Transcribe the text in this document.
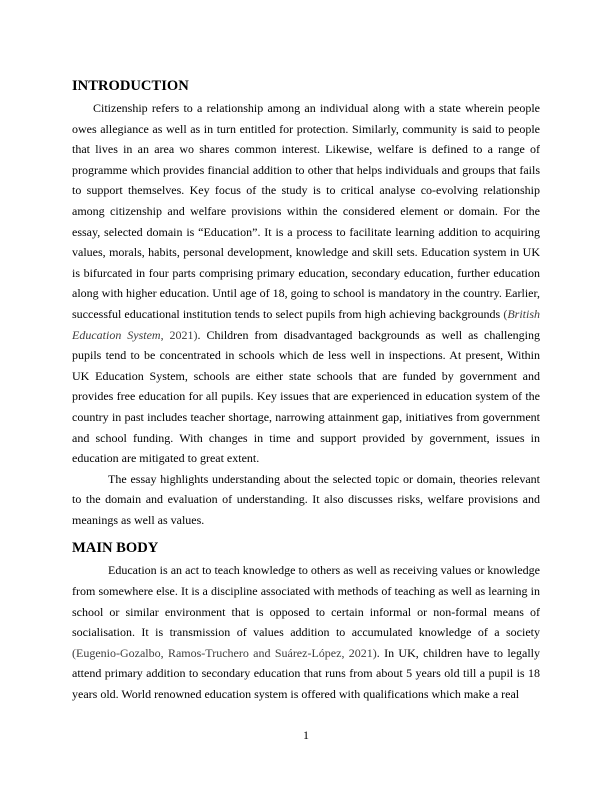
INTRODUCTION

Citizenship refers to a relationship among an individual along with a state wherein people owes allegiance as well as in turn entitled for protection. Similarly, community is said to people that lives in an area wo shares common interest. Likewise, welfare is defined to a range of programme which provides financial addition to other that helps individuals and groups that fails to support themselves. Key focus of the study is to critical analyse co-evolving relationship among citizenship and welfare provisions within the considered element or domain. For the essay, selected domain is “Education”. It is a process to facilitate learning addition to acquiring values, morals, habits, personal development, knowledge and skill sets. Education system in UK is bifurcated in four parts comprising primary education, secondary education, further education along with higher education. Until age of 18, going to school is mandatory in the country. Earlier, successful educational institution tends to select pupils from high achieving backgrounds (British Education System, 2021). Children from disadvantaged backgrounds as well as challenging pupils tend to be concentrated in schools which de less well in inspections. At present, Within UK Education System, schools are either state schools that are funded by government and provides free education for all pupils. Key issues that are experienced in education system of the country in past includes teacher shortage, narrowing attainment gap, initiatives from government and school funding. With changes in time and support provided by government, issues in education are mitigated to great extent.

The essay highlights understanding about the selected topic or domain, theories relevant to the domain and evaluation of understanding. It also discusses risks, welfare provisions and meanings as well as values.

MAIN BODY

Education is an act to teach knowledge to others as well as receiving values or knowledge from somewhere else. It is a discipline associated with methods of teaching as well as learning in school or similar environment that is opposed to certain informal or non-formal means of socialisation. It is transmission of values addition to accumulated knowledge of a society (Eugenio-Gozalbo, Ramos-Truchero and Suárez-López, 2021). In UK, children have to legally attend primary addition to secondary education that runs from about 5 years old till a pupil is 18 years old. World renowned education system is offered with qualifications which make a real

1
